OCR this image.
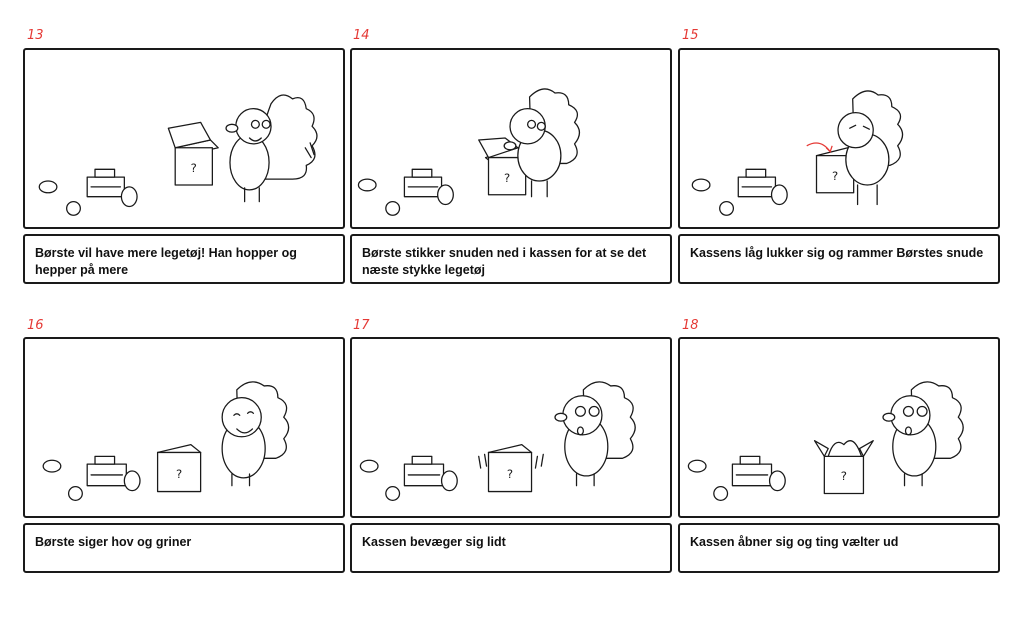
13
?
Børste vil have mere legetøj! Han hopper og hepper på mere
14
?
Børste stikker snuden ned i kassen for at se det næste stykke legetøj
15
?
Kassens låg lukker sig og rammer Børstes snude
16
?
Børste siger hov og griner
17
?
Kassen bevæger sig lidt
18
?
Kassen åbner sig og ting vælter ud
